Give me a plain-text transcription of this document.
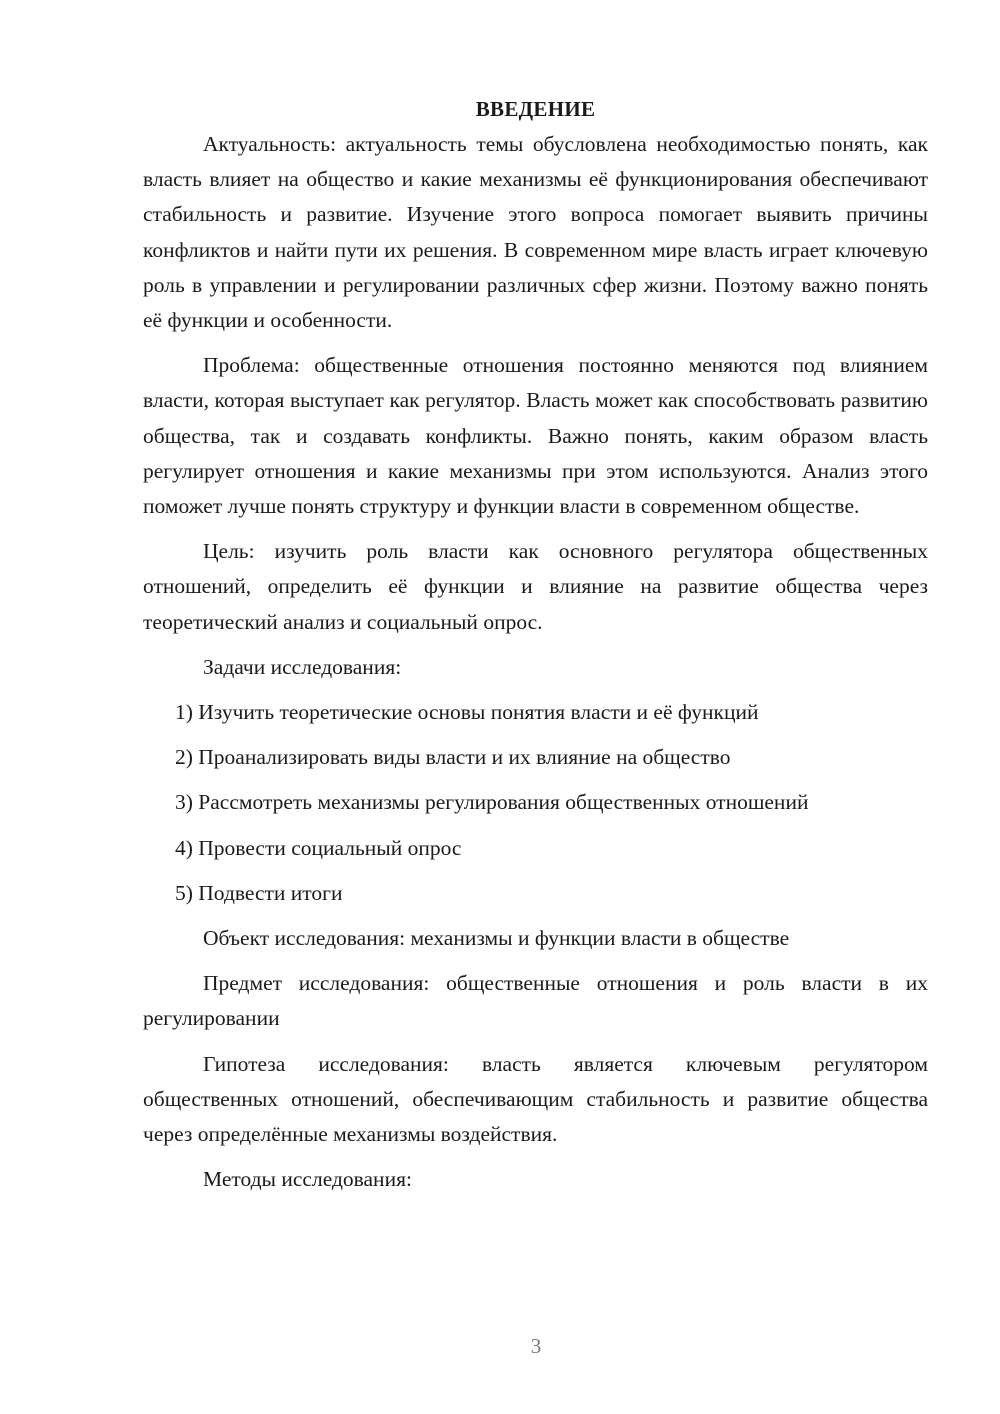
ВВЕДЕНИЕ

Актуальность: актуальность темы обусловлена необходимостью понять, как власть влияет на общество и какие механизмы её функционирования обеспечивают стабильность и развитие. Изучение этого вопроса помогает выявить причины конфликтов и найти пути их решения. В современном мире власть играет ключевую роль в управлении и регулировании различных сфер жизни. Поэтому важно понять её функции и особенности.

Проблема: общественные отношения постоянно меняются под влиянием власти, которая выступает как регулятор. Власть может как способствовать развитию общества, так и создавать конфликты. Важно понять, каким образом власть регулирует отношения и какие механизмы при этом используются. Анализ этого поможет лучше понять структуру и функции власти в современном обществе.

Цель: изучить роль власти как основного регулятора общественных отношений, определить её функции и влияние на развитие общества через теоретический анализ и социальный опрос.

Задачи исследования:

1) Изучить теоретические основы понятия власти и её функций
2) Проанализировать виды власти и их влияние на общество
3) Рассмотреть механизмы регулирования общественных отношений
4) Провести социальный опрос
5) Подвести итоги

Объект исследования: механизмы и функции власти в обществе

Предмет исследования: общественные отношения и роль власти в их регулировании

Гипотеза исследования: власть является ключевым регулятором общественных отношений, обеспечивающим стабильность и развитие общества через определённые механизмы воздействия.

Методы исследования:

3
